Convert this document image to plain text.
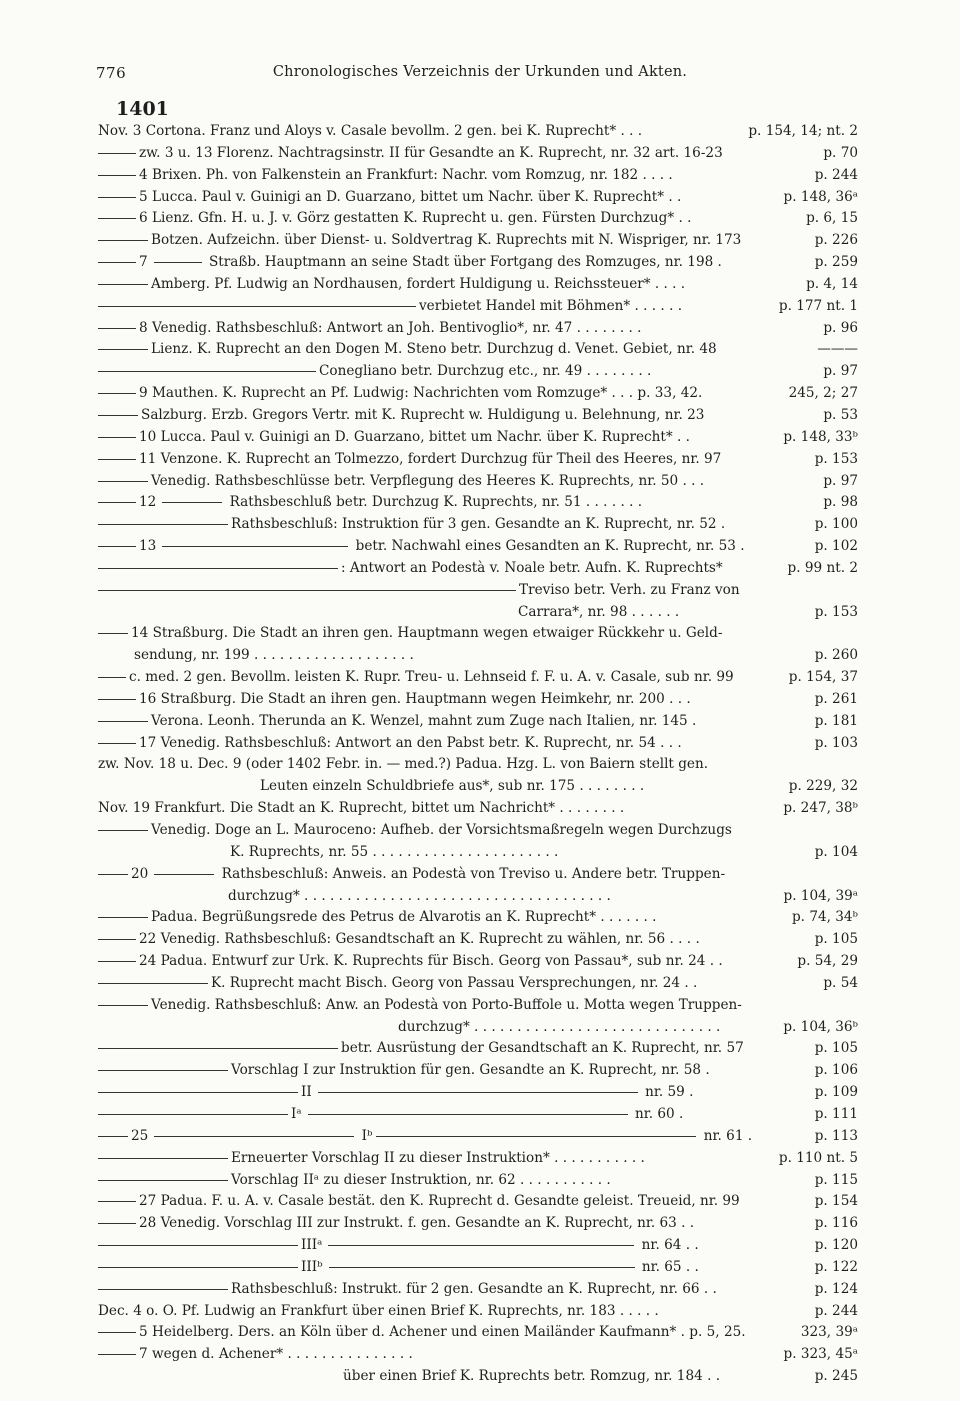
776	Chronologisches Verzeichnis der Urkunden und Akten.
1401
Nov. 3 Cortona. Franz und Aloys v. Casale bevollm. 2 gen. bei K. Ruprecht* . . .	p. 154, 14; nt. 2
zw. 3 u. 13 Florenz. Nachtragsinstr. II für Gesandte an K. Ruprecht, nr. 32 art. 16-23	p. 70
4 Brixen. Ph. von Falkenstein an Frankfurt: Nachr. vom Romzug, nr. 182 . . . .	p. 244
5 Lucca. Paul v. Guinigi an D. Guarzano, bittet um Nachr. über K. Ruprecht* . .	p. 148, 36ᵃ
6 Lienz. Gfn. H. u. J. v. Görz gestatten K. Ruprecht u. gen. Fürsten Durchzug* . .	p. 6, 15
Botzen. Aufzeichn. über Dienst- u. Soldvertrag K. Ruprechts mit N. Wispriger, nr. 173	p. 226
7	Straßb. Hauptmann an seine Stadt über Fortgang des Romzuges, nr. 198 .	p. 259
Amberg. Pf. Ludwig an Nordhausen, fordert Huldigung u. Reichssteuer* . . . .	p. 4, 14
verbietet Handel mit Böhmen* . . . . . .	p. 177 nt. 1
8 Venedig. Rathsbeschluß: Antwort an Joh. Bentivoglio*, nr. 47 . . . . . . . .	p. 96
Lienz. K. Ruprecht an den Dogen M. Steno betr. Durchzug d. Venet. Gebiet, nr. 48	———
Conegliano betr. Durchzug etc., nr. 49 . . . . . . . .	p. 97
9 Mauthen. K. Ruprecht an Pf. Ludwig: Nachrichten vom Romzuge* . . . p. 33, 42.	245, 2; 27
Salzburg. Erzb. Gregors Vertr. mit K. Ruprecht w. Huldigung u. Belehnung, nr. 23	p. 53
10 Lucca. Paul v. Guinigi an D. Guarzano, bittet um Nachr. über K. Ruprecht* . .	p. 148, 33ᵇ
11 Venzone. K. Ruprecht an Tolmezzo, fordert Durchzug für Theil des Heeres, nr. 97	p. 153
Venedig. Rathsbeschlüsse betr. Verpflegung des Heeres K. Ruprechts, nr. 50 . . .	p. 97
12	Rathsbeschluß betr. Durchzug K. Ruprechts, nr. 51 . . . . . . .	p. 98
Rathsbeschluß: Instruktion für 3 gen. Gesandte an K. Ruprecht, nr. 52 .	p. 100
13	betr. Nachwahl eines Gesandten an K. Ruprecht, nr. 53 .	p. 102
: Antwort an Podestà v. Noale betr. Aufn. K. Ruprechts*	p. 99 nt. 2
Treviso betr. Verh. zu Franz von
Carrara*, nr. 98 . . . . . .	p. 153
14 Straßburg. Die Stadt an ihren gen. Hauptmann wegen etwaiger Rückkehr u. Geld-
sendung, nr. 199 . . . . . . . . . . . . . . . . . . .	p. 260
c. med. 2 gen. Bevollm. leisten K. Rupr. Treu- u. Lehnseid f. F. u. A. v. Casale, sub nr. 99	p. 154, 37
16 Straßburg. Die Stadt an ihren gen. Hauptmann wegen Heimkehr, nr. 200 . . .	p. 261
Verona. Leonh. Therunda an K. Wenzel, mahnt zum Zuge nach Italien, nr. 145 .	p. 181
17 Venedig. Rathsbeschluß: Antwort an den Pabst betr. K. Ruprecht, nr. 54 . . .	p. 103
zw. Nov. 18 u. Dec. 9 (oder 1402 Febr. in. — med.?) Padua. Hzg. L. von Baiern stellt gen.
Leuten einzeln Schuldbriefe aus*, sub nr. 175 . . . . . . . .	p. 229, 32
Nov. 19 Frankfurt. Die Stadt an K. Ruprecht, bittet um Nachricht* . . . . . . . .	p. 247, 38ᵇ
Venedig. Doge an L. Mauroceno: Aufheb. der Vorsichtsmaßregeln wegen Durchzugs
K. Ruprechts, nr. 55 . . . . . . . . . . . . . . . . . . . . . .	p. 104
20	Rathsbeschluß: Anweis. an Podestà von Treviso u. Andere betr. Truppen-
durchzug* . . . . . . . . . . . . . . . . . . . . . . . . . . . . . . . . . . . .	p. 104, 39ᵃ
Padua. Begrüßungsrede des Petrus de Alvarotis an K. Ruprecht* . . . . . . .	p. 74, 34ᵇ
22 Venedig. Rathsbeschluß: Gesandtschaft an K. Ruprecht zu wählen, nr. 56 . . . .	p. 105
24 Padua. Entwurf zur Urk. K. Ruprechts für Bisch. Georg von Passau*, sub nr. 24 . .	p. 54, 29
K. Ruprecht macht Bisch. Georg von Passau Versprechungen, nr. 24 . .	p. 54
Venedig. Rathsbeschluß: Anw. an Podestà von Porto-Buffole u. Motta wegen Truppen-
durchzug* . . . . . . . . . . . . . . . . . . . . . . . . . . . . .	p. 104, 36ᵇ
betr. Ausrüstung der Gesandtschaft an K. Ruprecht, nr. 57	p. 105
Vorschlag I zur Instruktion für gen. Gesandte an K. Ruprecht, nr. 58 .	p. 106
II	nr. 59 .	p. 109
Iᵃ	nr. 60 .	p. 111
25	Iᵇ	nr. 61 .	p. 113
Erneuerter Vorschlag II zu dieser Instruktion* . . . . . . . . . . .	p. 110 nt. 5
Vorschlag IIᵃ zu dieser Instruktion, nr. 62 . . . . . . . . . . .	p. 115
27 Padua. F. u. A. v. Casale bestät. den K. Ruprecht d. Gesandte geleist. Treueid, nr. 99	p. 154
28 Venedig. Vorschlag III zur Instrukt. f. gen. Gesandte an K. Ruprecht, nr. 63 . .	p. 116
IIIᵃ	nr. 64 . .	p. 120
IIIᵇ	nr. 65 . .	p. 122
Rathsbeschluß: Instrukt. für 2 gen. Gesandte an K. Ruprecht, nr. 66 . .	p. 124
Dec. 4 o. O. Pf. Ludwig an Frankfurt über einen Brief K. Ruprechts, nr. 183 . . . . .	p. 244
5 Heidelberg. Ders. an Köln über d. Achener und einen Mailänder Kaufmann* . p. 5, 25.	323, 39ᵃ
7 wegen d. Achener* . . . . . . . . . . . . . . .	p. 323, 45ᵃ
über einen Brief K. Ruprechts betr. Romzug, nr. 184 . .	p. 245
